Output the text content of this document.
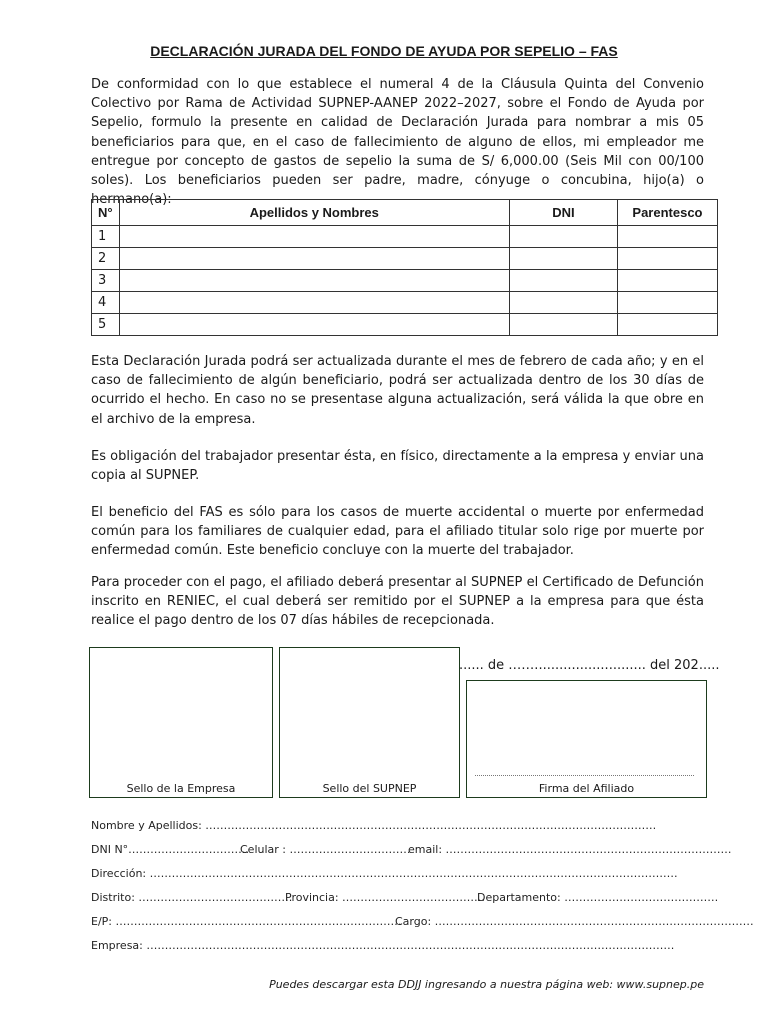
DECLARACIÓN JURADA DEL FONDO DE AYUDA POR SEPELIO – FAS

De conformidad con lo que establece el numeral 4 de la Cláusula Quinta del Convenio Colectivo por Rama de Actividad SUPNEP-AANEP 2022–2027, sobre el Fondo de Ayuda por Sepelio, formulo la presente en calidad de Declaración Jurada para nombrar a mis 05 beneficiarios para que, en el caso de fallecimiento de alguno de ellos, mi empleador me entregue por concepto de gastos de sepelio la suma de S/ 6,000.00 (Seis Mil con 00/100 soles). Los beneficiarios pueden ser padre, madre, cónyuge o concubina, hijo(a) o hermano(a):

N°	Apellidos y Nombres	DNI	Parentesco
1			
2			
3			
4			
5			

Esta Declaración Jurada podrá ser actualizada durante el mes de febrero de cada año; y en el caso de fallecimiento de algún beneficiario, podrá ser actualizada dentro de los 30 días de ocurrido el hecho. En caso no se presentase alguna actualización, será válida la que obre en el archivo de la empresa.

Es obligación del trabajador presentar ésta, en físico, directamente a la empresa y enviar una copia al SUPNEP.

El beneficio del FAS es sólo para los casos de muerte accidental o muerte por enfermedad común para los familiares de cualquier edad, para el afiliado titular solo rige por muerte por enfermedad común. Este beneficio concluye con la muerte del trabajador.

Para proceder con el pago, el afiliado deberá presentar al SUPNEP el Certificado de Defunción inscrito en RENIEC, el cual deberá ser remitido por el SUPNEP a la empresa para que ésta realice el pago dentro de los 07 días hábiles de recepcionada.

Sello de la Empresa	Sello del SUPNEP
...... de ……........................... del 202.....
Firma del Afiliado
Nombre y Apellidos: ……………………………………………………………………………………………………………
DNI N°……………………………
Celular : ……………………………
email: ……………………………………………………………………
Dirección: ………………………………………………………………………………………………………………………………
Distrito: ……………………………………
Provincia: …………………………………
Departamento: ……………………………………
E/P: ……………………………………………………………………
Cargo: ……………………………………………………………………………
Empresa: ………………………………………………………………………………………………………………………………
Puedes descargar esta DDJJ ingresando a nuestra página web: www.supnep.pe
